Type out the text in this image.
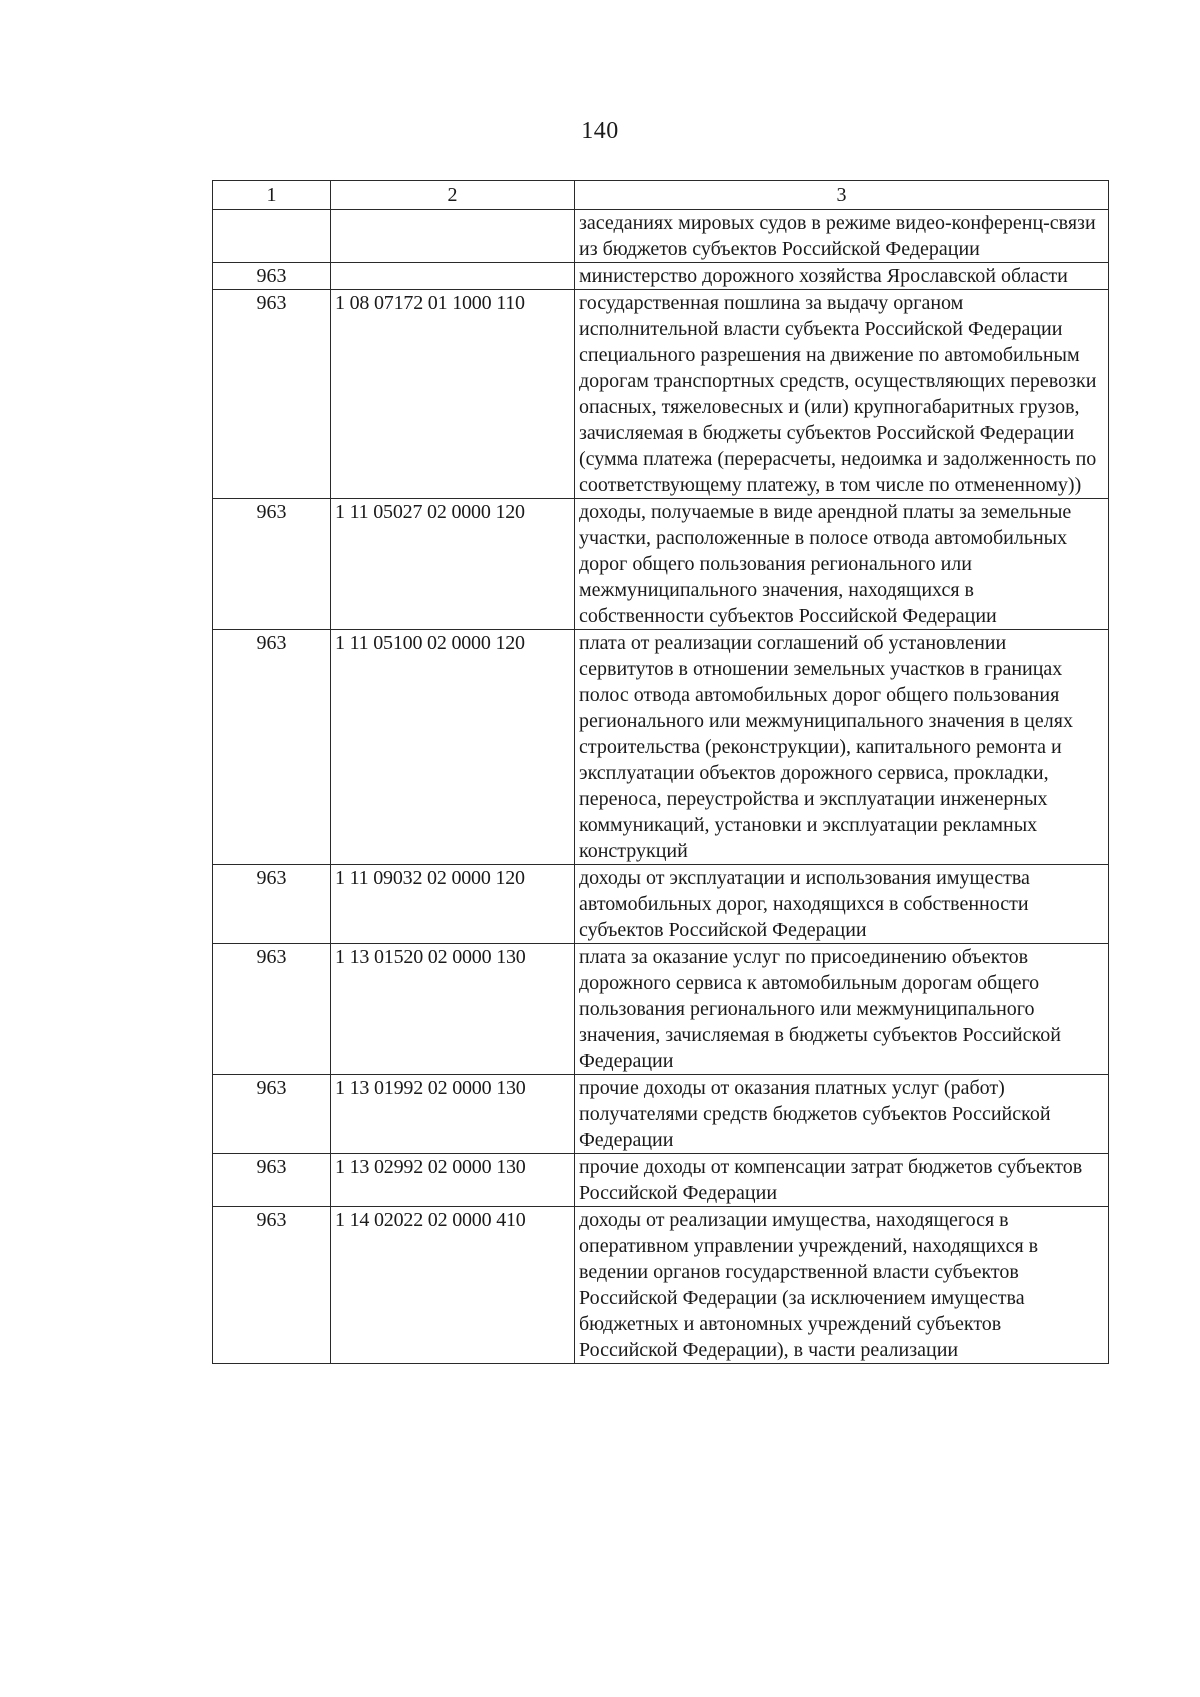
140
1	2	3
		заседаниях мировых судов в режиме видео-конференц-связи из бюджетов субъектов Российской Федерации
963		министерство дорожного хозяйства Ярославской области
963	1 08 07172 01 1000 110	государственная пошлина за выдачу органом исполнительной власти субъекта Российской Федерации специального разрешения на движение по автомобильным дорогам транспортных средств, осуществляющих перевозки опасных, тяжеловесных и (или) крупногабаритных грузов, зачисляемая в бюджеты субъектов Российской Федерации (сумма платежа (перерасчеты, недоимка и задолженность по соответствующему платежу, в том числе по отмененному))
963	1 11 05027 02 0000 120	доходы, получаемые в виде арендной платы за земельные участки, расположенные в полосе отвода автомобильных дорог общего пользования регионального или межмуниципального значения, находящихся в собственности субъектов Российской Федерации
963	1 11 05100 02 0000 120	плата от реализации соглашений об установлении сервитутов в отношении земельных участков в границах полос отвода автомобильных дорог общего пользования регионального или межмуниципального значения в целях строительства (реконструкции), капитального ремонта и эксплуатации объектов дорожного сервиса, прокладки, переноса, переустройства и эксплуатации инженерных коммуникаций, установки и эксплуатации рекламных конструкций
963	1 11 09032 02 0000 120	доходы от эксплуатации и использования имущества автомобильных дорог, находящихся в собственности субъектов Российской Федерации
963	1 13 01520 02 0000 130	плата за оказание услуг по присоединению объектов дорожного сервиса к автомобильным дорогам общего пользования регионального или межмуниципального значения, зачисляемая в бюджеты субъектов Российской Федерации
963	1 13 01992 02 0000 130	прочие доходы от оказания платных услуг (работ) получателями средств бюджетов субъектов Российской Федерации
963	1 13 02992 02 0000 130	прочие доходы от компенсации затрат бюджетов субъектов Российской Федерации
963	1 14 02022 02 0000 410	доходы от реализации имущества, находящегося в оперативном управлении учреждений, находящихся в ведении органов государственной власти субъектов Российской Федерации (за исключением имущества бюджетных и автономных учреждений субъектов Российской Федерации), в части реализации
